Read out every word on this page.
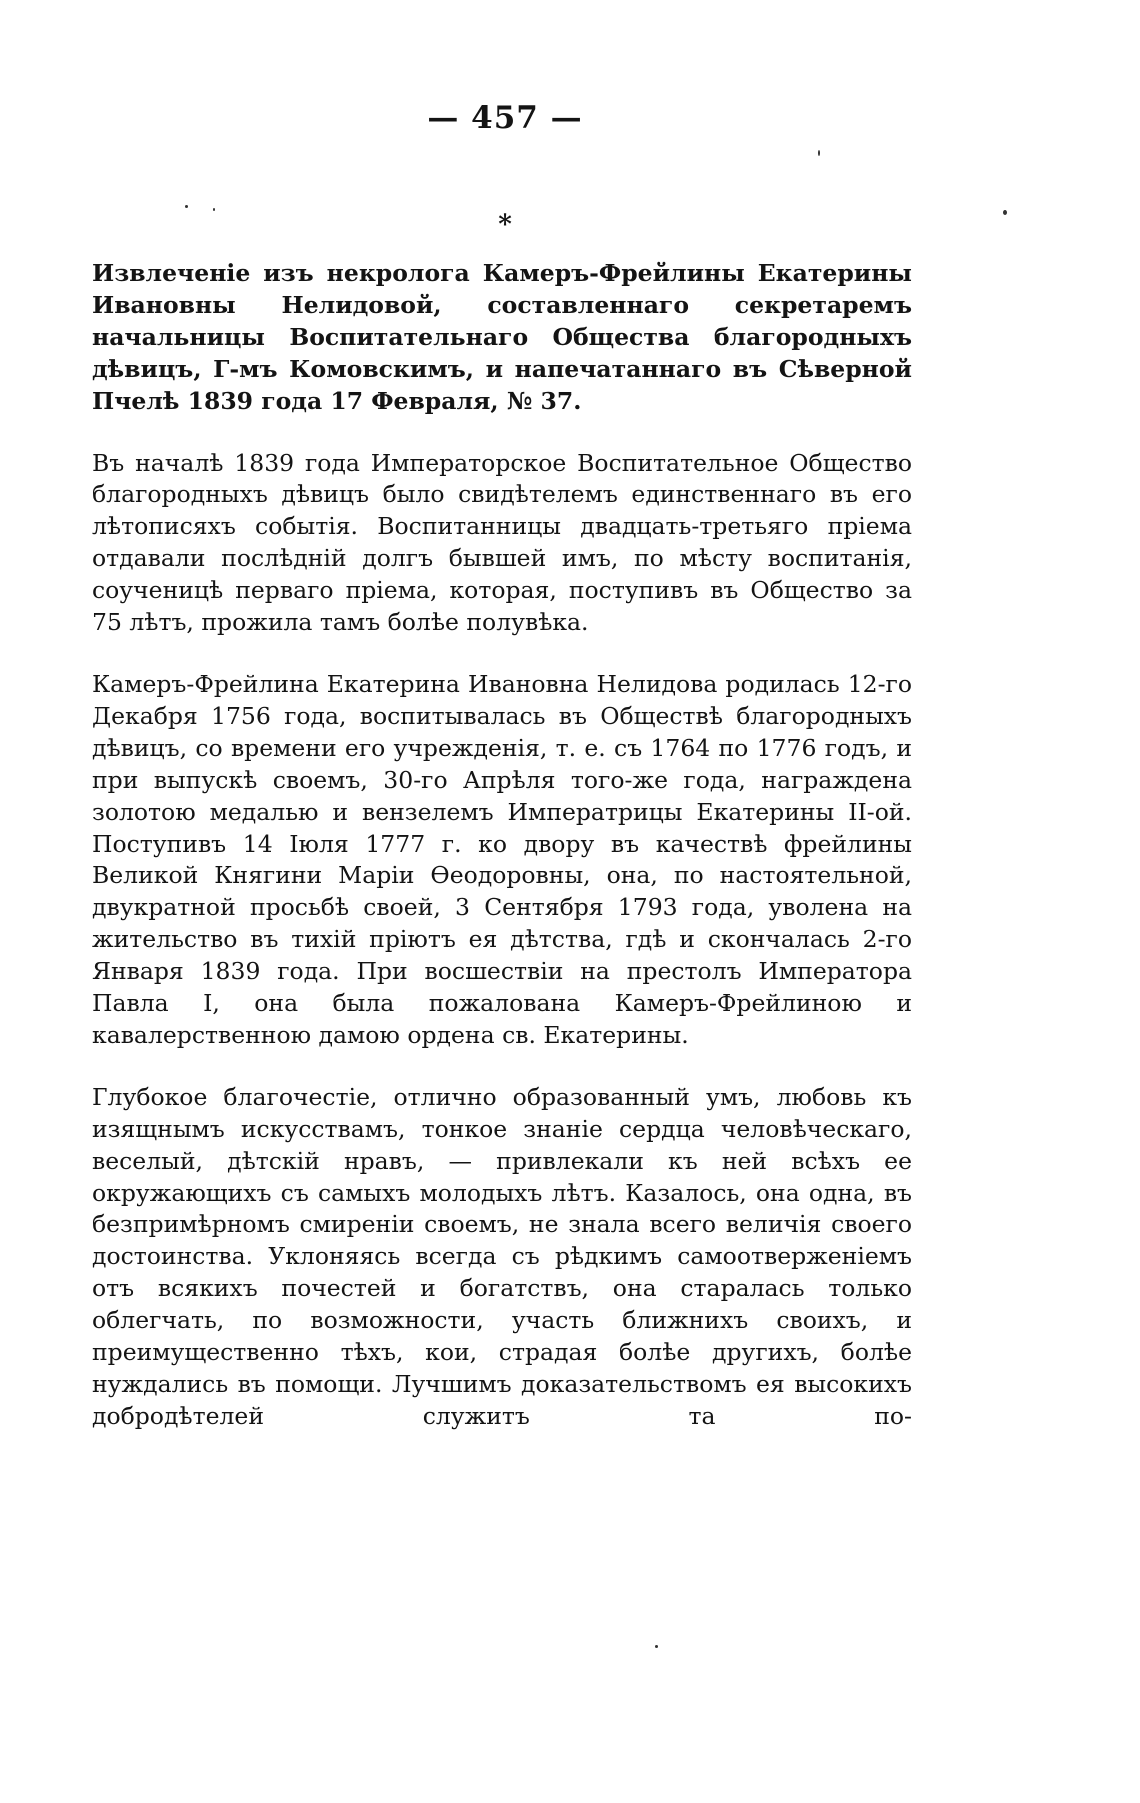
— 457 —
*

Извлеченіе изъ некролога Камеръ-Фрейлины Екатерины Ивановны Нелидовой, составленнаго секретаремъ начальницы Воспитательнаго Общества благородныхъ дѣвицъ, Г-мъ Комовскимъ, и напечатаннаго въ Сѣверной Пчелѣ 1839 года 17 Февраля, № 37.

Въ началѣ 1839 года Императорское Воспитательное Общество благородныхъ дѣвицъ было свидѣтелемъ единственнаго въ его лѣтописяхъ событія. Воспитанницы двадцать-третьяго пріема отдавали послѣдній долгъ бывшей имъ, по мѣсту воспитанія, соученицѣ перваго пріема, которая, поступивъ въ Общество за 75 лѣтъ, прожила тамъ болѣе полувѣка.

Камеръ-Фрейлина Екатерина Ивановна Нелидова родилась 12-го Декабря 1756 года, воспитывалась въ Обществѣ благородныхъ дѣвицъ, со времени его учрежденія, т. е. съ 1764 по 1776 годъ, и при выпускѣ своемъ, 30-го Апрѣля того-же года, награждена золотою медалью и вензелемъ Императрицы Екатерины II-ой. Поступивъ 14 Іюля 1777 г. ко двору въ качествѣ фрейлины Великой Княгини Маріи Ѳеодоровны, она, по настоятельной, двукратной просьбѣ своей, 3 Сентября 1793 года, уволена на жительство въ тихій пріютъ ея дѣтства, гдѣ и скончалась 2-го Января 1839 года. При восшествіи на престолъ Императора Павла I, она была пожалована Камеръ-Фрейлиною и кавалерственною дамою ордена св. Екатерины.

Глубокое благочестіе, отлично образованный умъ, любовь къ изящнымъ искусствамъ, тонкое знаніе сердца человѣческаго, веселый, дѣтскій нравъ, — привлекали къ ней всѣхъ ее окружающихъ съ самыхъ молодыхъ лѣтъ. Казалось, она одна, въ безпримѣрномъ смиреніи своемъ, не знала всего величія своего достоинства. Уклоняясь всегда съ рѣдкимъ самоотверженіемъ отъ всякихъ почестей и богатствъ, она старалась только облегчать, по возможности, участь ближнихъ своихъ, и преимущественно тѣхъ, кои, страдая болѣе другихъ, болѣе нуждались въ помощи. Лучшимъ доказательствомъ ея высокихъ добродѣтелей служитъ та по-
